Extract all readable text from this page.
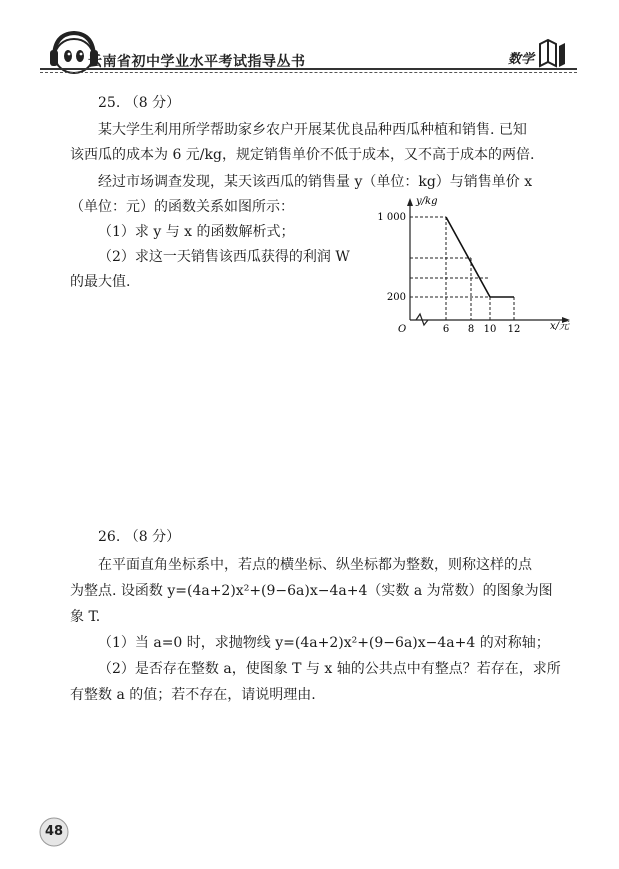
云南省初中学业水平考试指导丛书	数学
25. （8 分）
某大学生利用所学帮助家乡农户开展某优良品种西瓜种植和销售. 已知
该西瓜的成本为 6 元/kg，规定销售单价不低于成本，又不高于成本的两倍.
经过市场调查发现，某天该西瓜的销售量 y（单位：kg）与销售单价 x
（单位：元）的函数关系如图所示：
（1）求 y 与 x 的函数解析式；
（2）求这一天销售该西瓜获得的利润 W
的最大值.
y/kg
x/元
O
1 000
200
6 8 10 12
26. （8 分）
在平面直角坐标系中，若点的横坐标、纵坐标都为整数，则称这样的点
为整点. 设函数 y=(4a+2)x²+(9−6a)x−4a+4（实数 a 为常数）的图象为图
象 T.
（1）当 a=0 时，求抛物线 y=(4a+2)x²+(9−6a)x−4a+4 的对称轴；
（2）是否存在整数 a，使图象 T 与 x 轴的公共点中有整点？若存在，求所
有整数 a 的值；若不存在，请说明理由.
48
